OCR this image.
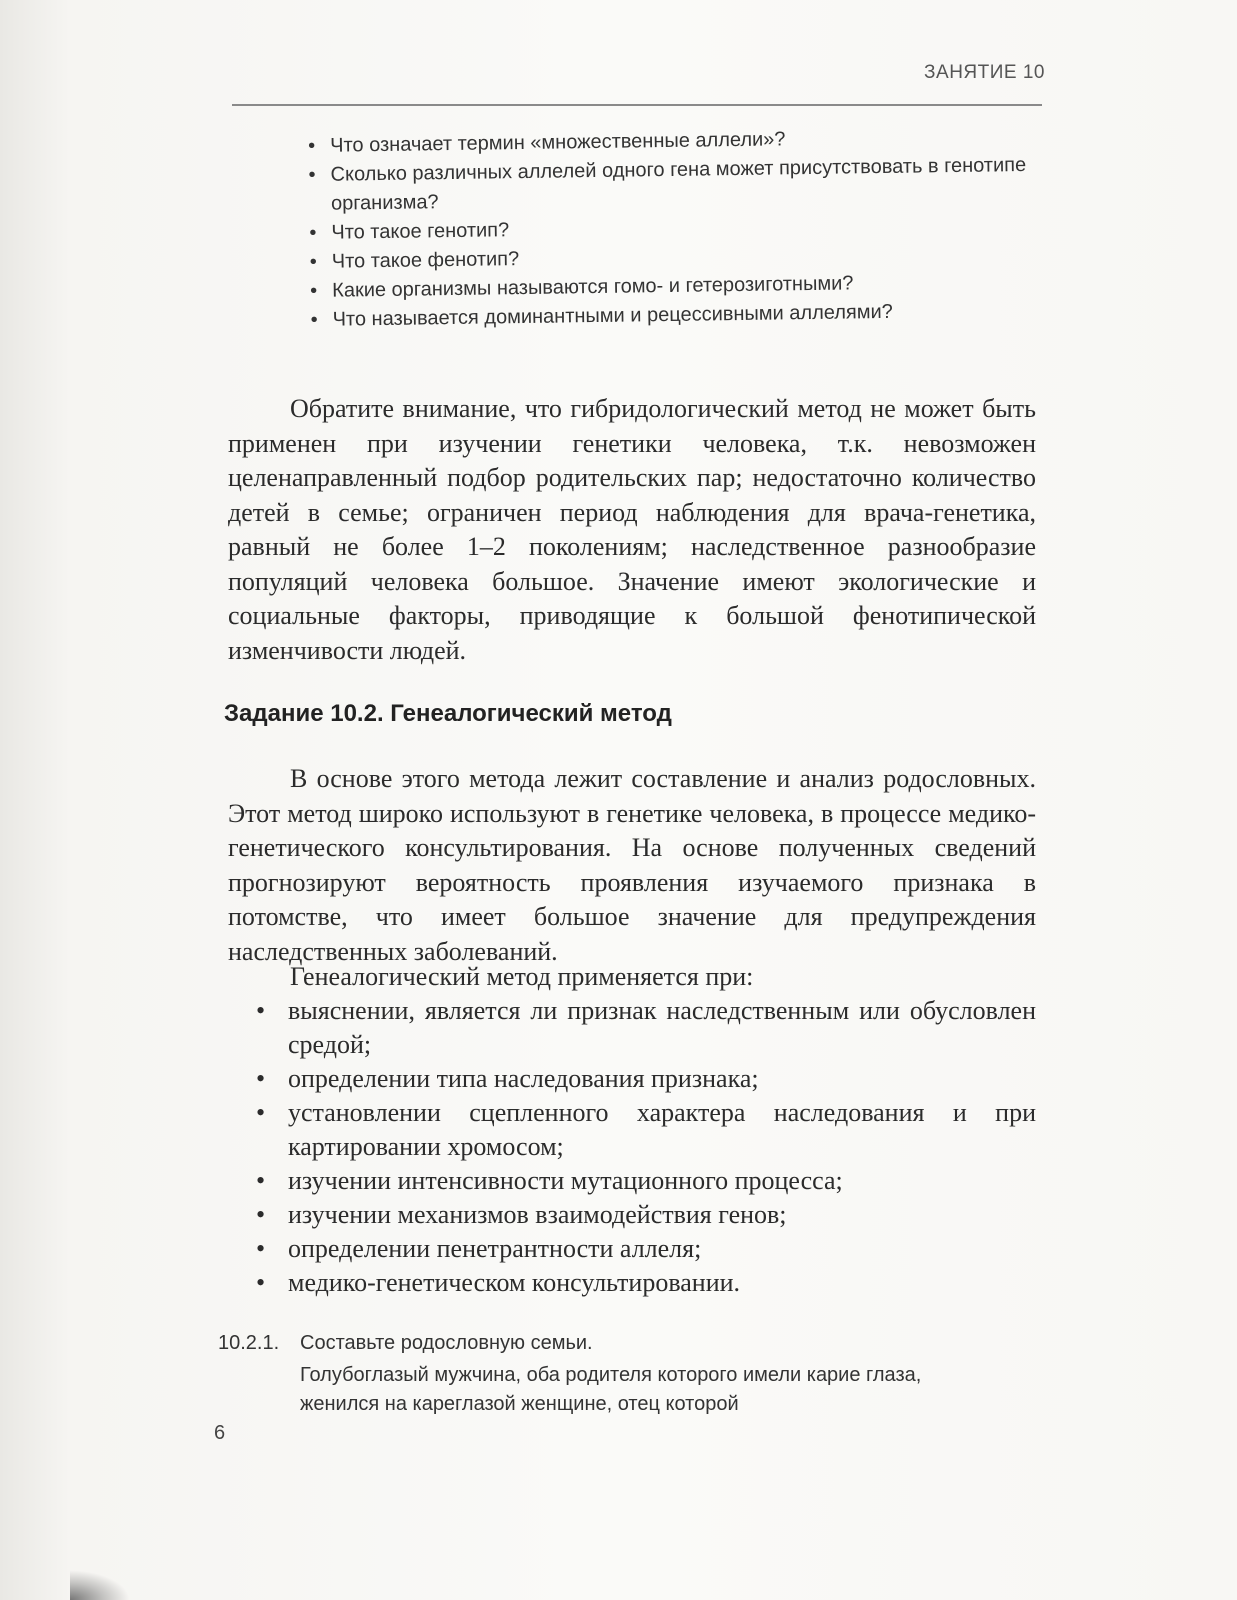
ЗАНЯТИЕ 10
• Что означает термин «множественные аллели»?
• Сколько различных аллелей одного гена может присутствовать в генотипе организма?
• Что такое генотип?
• Что такое фенотип?
• Какие организмы называются гомо- и гетерозиготными?
• Что называется доминантными и рецессивными аллелями?

Обратите внимание, что гибридологический метод не может быть применен при изучении генетики человека, т.к. невозможен целенаправленный подбор родительских пар; недостаточно количество детей в семье; ограничен период наблюдения для врача-генетика, равный не более 1–2 поколениям; наследственное разнообразие популяций человека большое. Значение имеют экологические и социальные факторы, приводящие к большой фенотипической изменчивости людей.

Задание 10.2. Генеалогический метод

В основе этого метода лежит составление и анализ родословных. Этот метод широко используют в генетике человека, в процессе медико-генетического консультирования. На основе полученных сведений прогнозируют вероятность проявления изучаемого признака в потомстве, что имеет большое значение для предупреждения наследственных заболеваний.

Генеалогический метод применяется при:

• выяснении, является ли признак наследственным или обусловлен средой;
• определении типа наследования признака;
• установлении сцепленного характера наследования и при картировании хромосом;
• изучении интенсивности мутационного процесса;
• изучении механизмов взаимодействия генов;
• определении пенетрантности аллеля;
• медико-генетическом консультировании.
10.2.1. Составьте родословную семьи.

Голубоглазый мужчина, оба родителя которого имели карие глаза, женился на кареглазой женщине, отец которой

6
